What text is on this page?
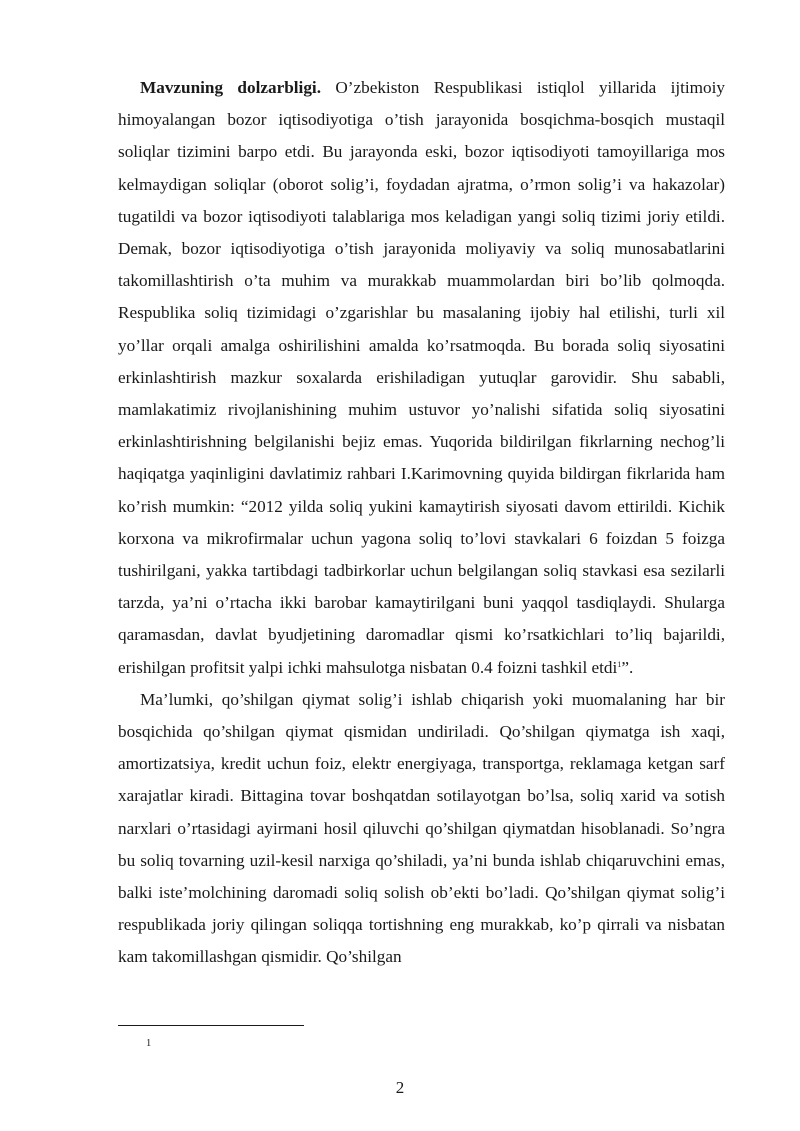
Mavzuning dolzarbligi. O’zbekiston Respublikasi istiqlol yillarida ijtimoiy himoyalangan bozor iqtisodiyotiga o’tish jarayonida bosqichma-bosqich mustaqil soliqlar tizimini barpo etdi. Bu jarayonda eski, bozor iqtisodiyoti tamoyillariga mos kelmaydigan soliqlar (oborot solig’i, foydadan ajratma, o’rmon solig’i va hakazolar) tugatildi va bozor iqtisodiyoti talablariga mos keladigan yangi soliq tizimi joriy etildi. Demak, bozor iqtisodiyotiga o’tish jarayonida moliyaviy va soliq munosabatlarini takomillashtirish o’ta muhim va murakkab muammolardan biri bo’lib qolmoqda. Respublika soliq tizimidagi o’zgarishlar bu masalaning ijobiy hal etilishi, turli xil yo’llar orqali amalga oshirilishini amalda ko’rsatmoqda. Bu borada soliq siyosatini erkinlashtirish mazkur soxalarda erishiladigan yutuqlar garovidir. Shu sababli, mamlakatimiz rivojlanishining muhim ustuvor yo’nalishi sifatida soliq siyosatini erkinlashtirishning belgilanishi bejiz emas. Yuqorida bildirilgan fikrlarning nechog’li haqiqatga yaqinligini davlatimiz rahbari I.Karimovning quyida bildirgan fikrlarida ham ko’rish mumkin: “2012 yilda soliq yukini kamaytirish siyosati davom ettirildi. Kichik korxona va mikrofirmalar uchun yagona soliq to’lovi stavkalari 6 foizdan 5 foizga tushirilgani, yakka tartibdagi tadbirkorlar uchun belgilangan soliq stavkasi esa sezilarli tarzda, ya’ni o’rtacha ikki barobar kamaytirilgani buni yaqqol tasdiqlaydi. Shularga qaramasdan, davlat byudjetining daromadlar qismi ko’rsatkichlari to’liq bajarildi, erishilgan profitsit yalpi ichki mahsulotga nisbatan 0.4 foizni tashkil etdi$^1$”.

Ma’lumki, qo’shilgan qiymat solig’i ishlab chiqarish yoki muomalaning har bir bosqichida qo’shilgan qiymat qismidan undiriladi. Qo’shilgan qiymatga ish xaqi, amortizatsiya, kredit uchun foiz, elektr energiyaga, transportga, reklamaga ketgan sarf xarajatlar kiradi. Bittagina tovar boshqatdan sotilayotgan bo’lsa, soliq xarid va sotish narxlari o’rtasidagi ayirmani hosil qiluvchi qo’shilgan qiymatdan hisoblanadi. So’ngra bu soliq tovarning uzil-kesil narxiga qo’shiladi, ya’ni bunda ishlab chiqaruvchini emas, balki iste’molchining daromadi soliq solish ob’ekti bo’ladi. Qo’shilgan qiymat solig’i respublikada joriy qilingan soliqqa tortishning eng murakkab, ko’p qirrali va nisbatan kam takomillashgan qismidir. Qo’shilgan

1
2
